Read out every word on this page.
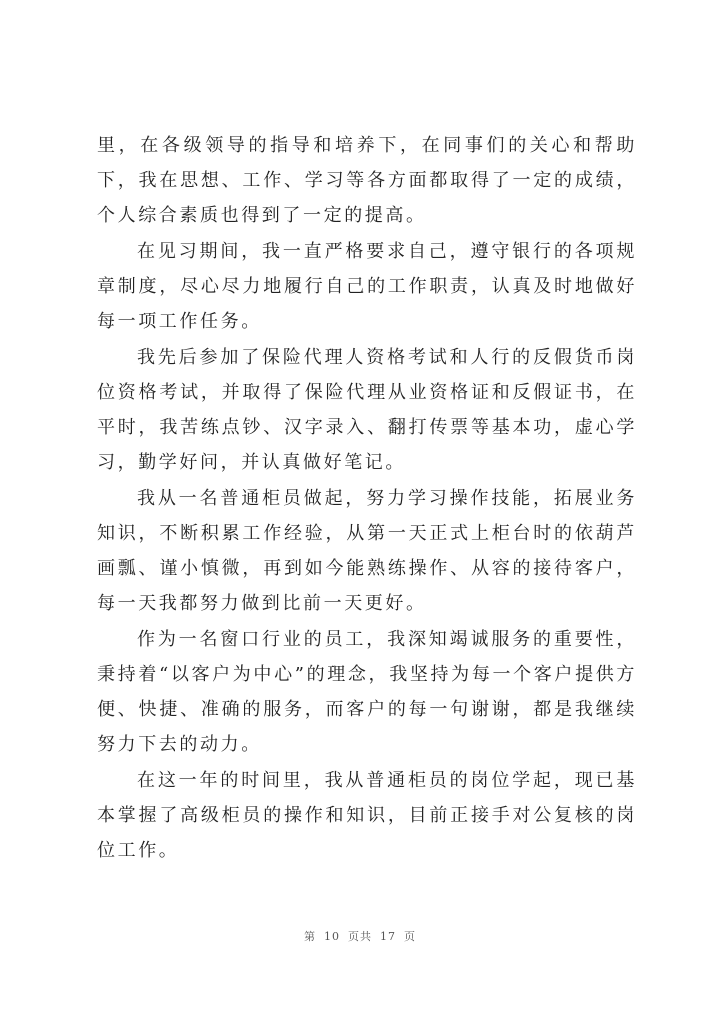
里，在各级领导的指导和培养下，在同事们的关心和帮助下，我在思想、工作、学习等各方面都取得了一定的成绩，个人综合素质也得到了一定的提高。

在见习期间，我一直严格要求自己，遵守银行的各项规章制度，尽心尽力地履行自己的工作职责，认真及时地做好每一项工作任务。

我先后参加了保险代理人资格考试和人行的反假货币岗位资格考试，并取得了保险代理从业资格证和反假证书，在平时，我苦练点钞、汉字录入、翻打传票等基本功，虚心学习，勤学好问，并认真做好笔记。

我从一名普通柜员做起，努力学习操作技能，拓展业务知识，不断积累工作经验，从第一天正式上柜台时的依葫芦画瓢、谨小慎微，再到如今能熟练操作、从容的接待客户，每一天我都努力做到比前一天更好。

作为一名窗口行业的员工，我深知竭诚服务的重要性，秉持着“以客户为中心”的理念，我坚持为每一个客户提供方便、快捷、准确的服务，而客户的每一句谢谢，都是我继续努力下去的动力。

在这一年的时间里，我从普通柜员的岗位学起，现已基本掌握了高级柜员的操作和知识，目前正接手对公复核的岗位工作。

第 10 页共 17 页
